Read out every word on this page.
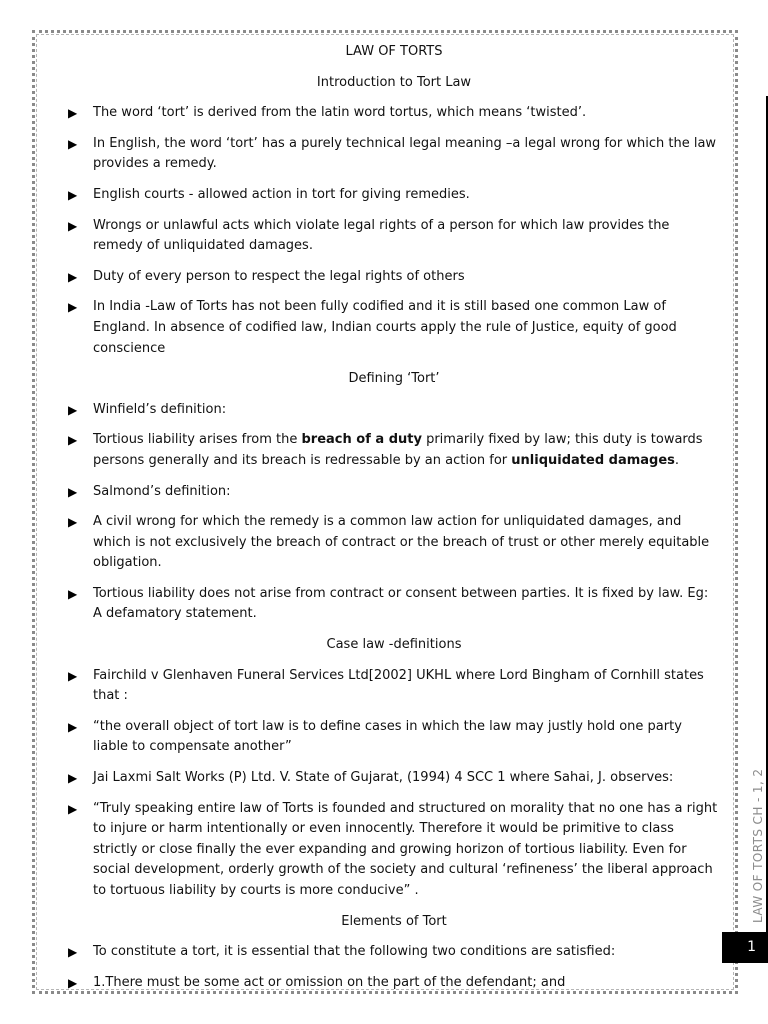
LAW OF TORTS
Introduction to Tort Law
▶	The word ‘tort’ is derived from the latin word tortus, which means ‘twisted’.
▶	In English, the word ‘tort’ has a purely technical legal meaning –a legal wrong for which the law provides a remedy.
▶	English courts - allowed action in tort for giving remedies.
▶	Wrongs or unlawful acts which violate legal rights of a person for which law provides the remedy of unliquidated damages.
▶	Duty of every person to respect the legal rights of others
▶	In India -Law of Torts has not been fully codified and it is still based one common Law of England. In absence of codified law, Indian courts apply the rule of Justice, equity of good conscience
Defining ‘Tort’
▶	Winfield’s definition:
▶	Tortious liability arises from the breach of a duty primarily fixed by law; this duty is towards persons generally and its breach is redressable by an action for unliquidated damages.
▶	Salmond’s definition:
▶	A civil wrong for which the remedy is a common law action for unliquidated damages, and which is not exclusively the breach of contract or the breach of trust or other merely equitable obligation.
▶	Tortious liability does not arise from contract or consent between parties. It is fixed by law. Eg: A defamatory statement.
Case law -definitions
▶	Fairchild v Glenhaven Funeral Services Ltd[2002] UKHL where Lord Bingham of Cornhill states that :
▶	“the overall object of tort law is to define cases in which the law may justly hold one party liable to compensate another”
▶	Jai Laxmi Salt Works (P) Ltd. V. State of Gujarat, (1994) 4 SCC 1 where Sahai, J. observes:
▶	“Truly speaking entire law of Torts is founded and structured on morality that no one has a right to injure or harm intentionally or even innocently. Therefore it would be primitive to class strictly or close finally the ever expanding and growing horizon of tortious liability. Even for social development, orderly growth of the society and cultural ‘refineness’ the liberal approach to tortuous liability by courts is more conducive” .
Elements of Tort
▶	To constitute a tort, it is essential that the following two conditions are satisfied:
▶	1.There must be some act or omission on the part of the defendant; and
LAW OF TORTS CH - 1, 2
1
